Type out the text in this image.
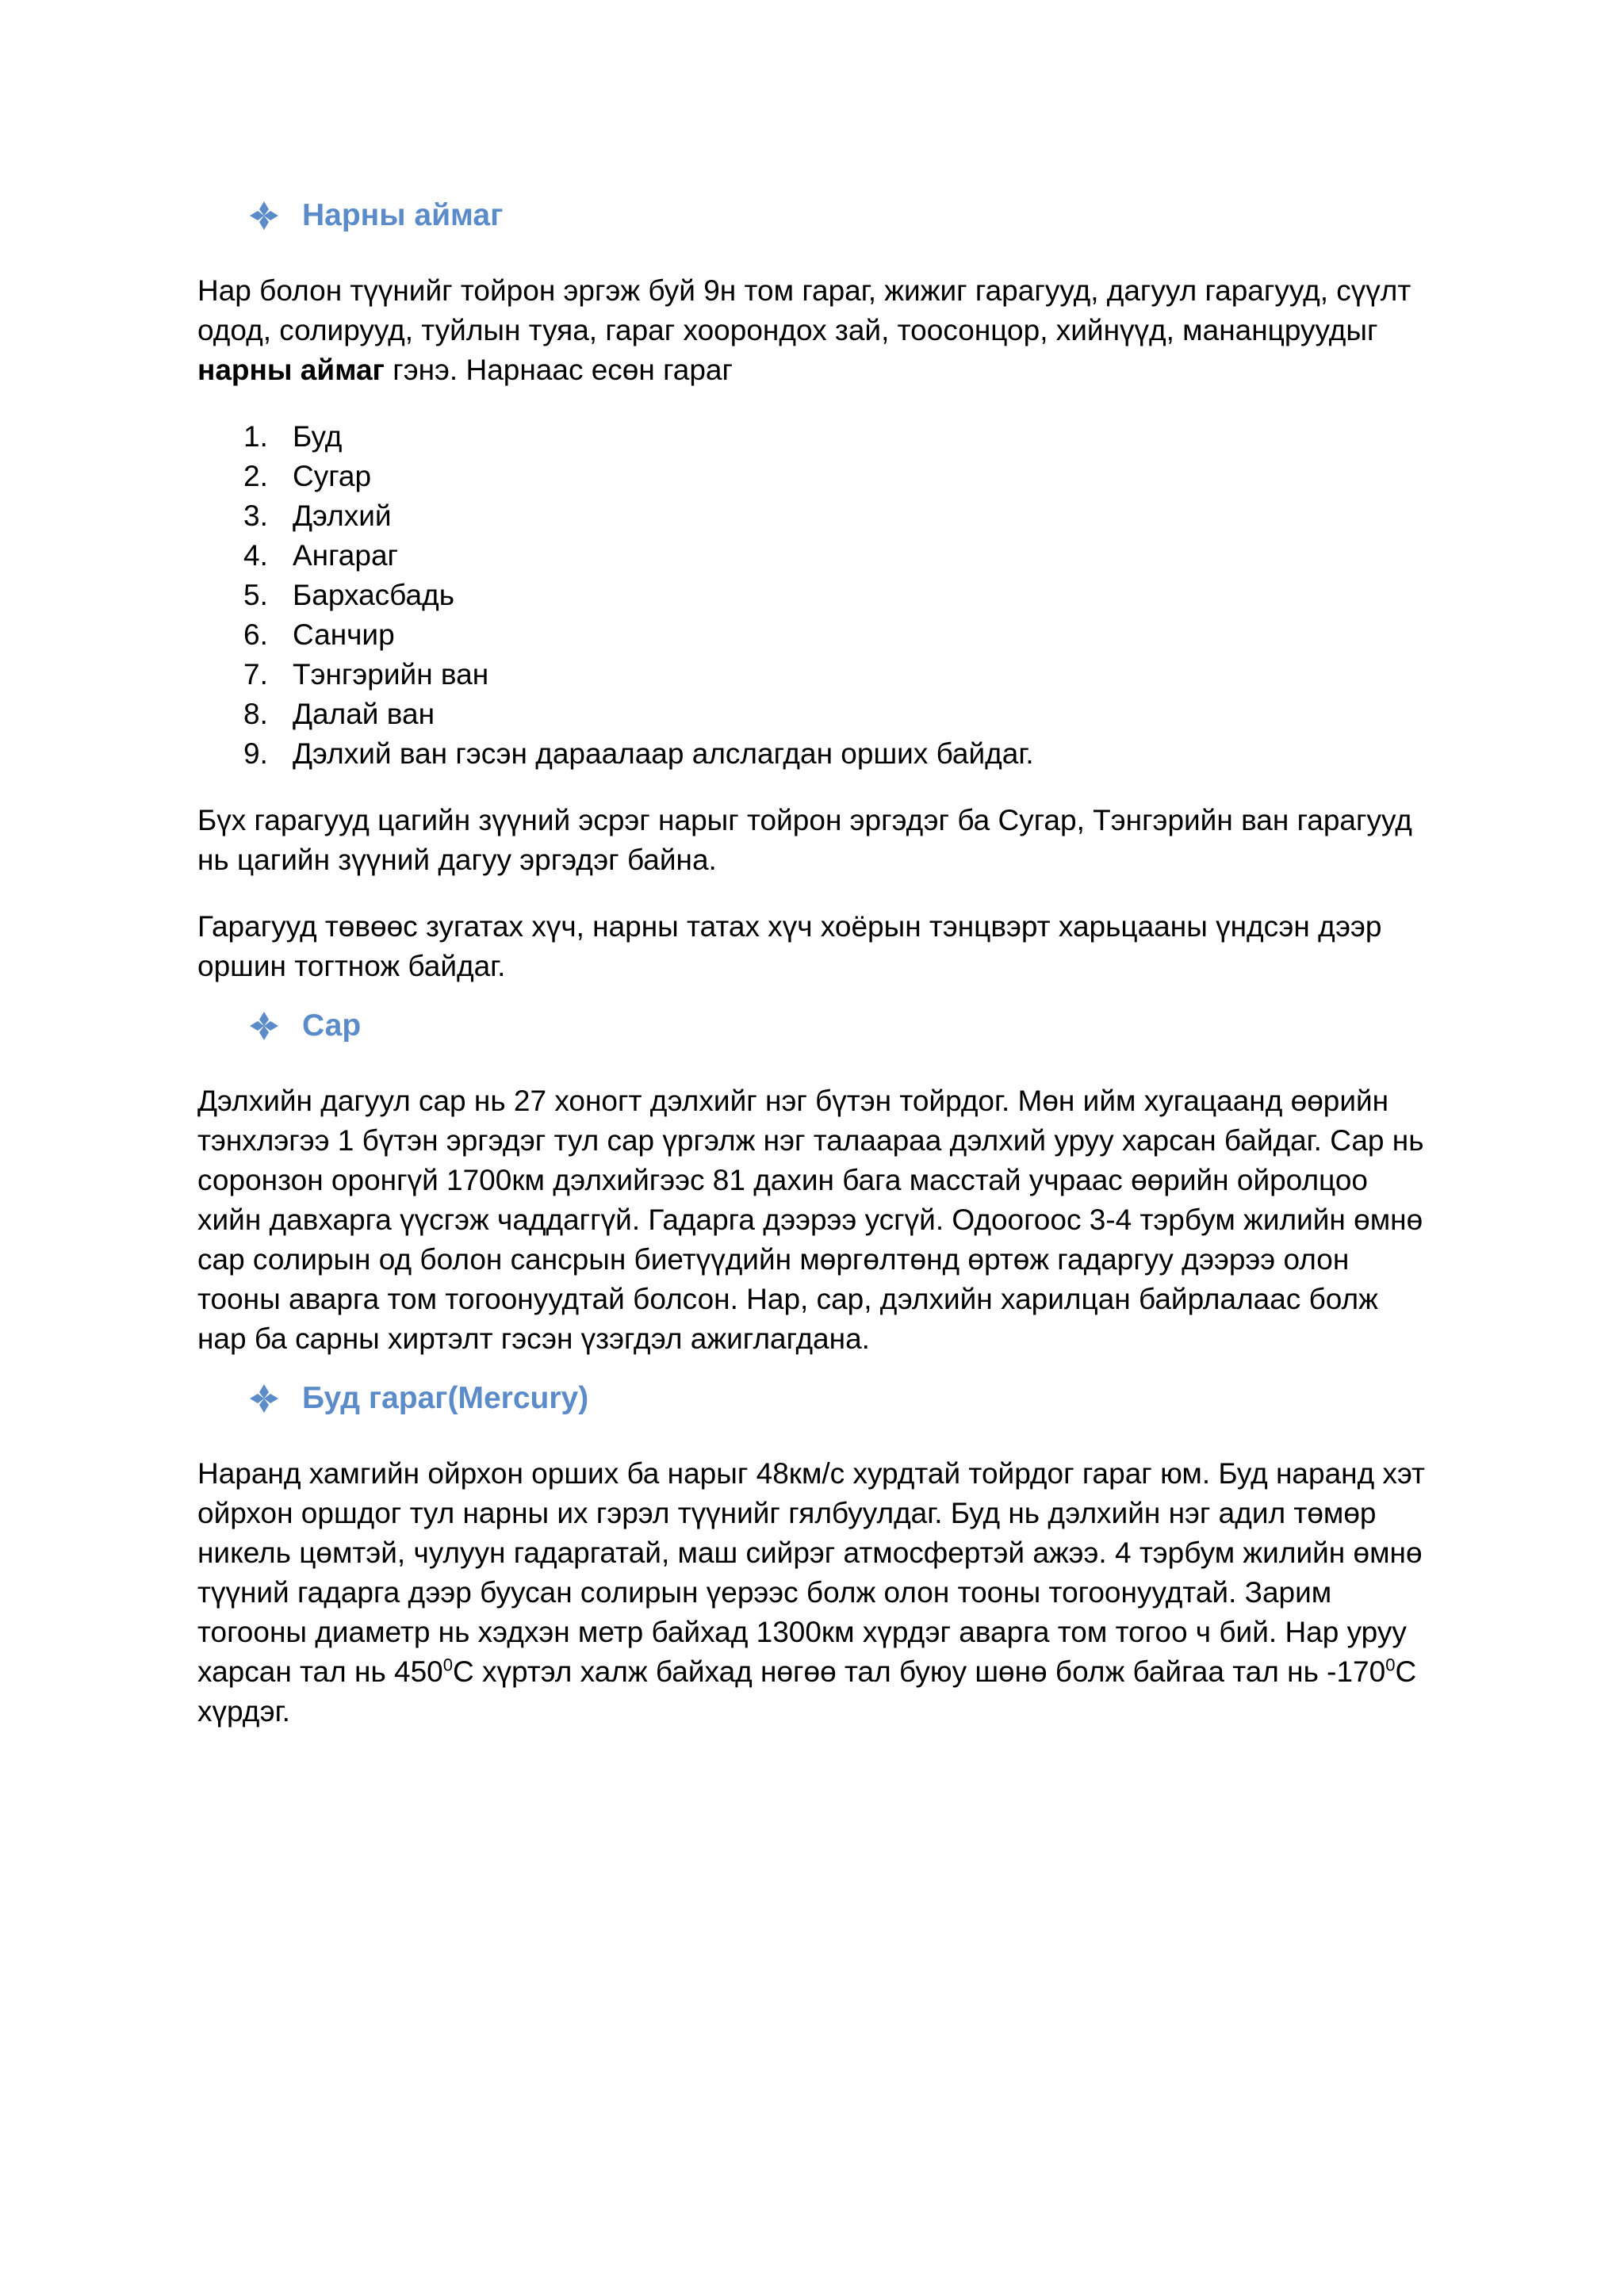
Нарны аймаг

Нар болон түүнийг тойрон эргэж буй 9н том гараг, жижиг гарагууд, дагуул гарагууд, сүүлт одод, солирууд, туйлын туяа, гараг хоорондох зай, тоосонцор, хийнүүд, мананцруудыг нарны аймаг гэнэ. Нарнаас есөн гараг

1. Буд
2. Сугар
3. Дэлхий
4. Ангараг
5. Бархасбадь
6. Санчир
7. Тэнгэрийн ван
8. Далай ван
9. Дэлхий ван гэсэн дараалаар алслагдан орших байдаг.

Бүх гарагууд цагийн зүүний эсрэг нарыг тойрон эргэдэг ба Сугар, Тэнгэрийн ван гарагууд нь цагийн зүүний дагуу эргэдэг байна.

Гарагууд төвөөс зугатах хүч, нарны татах хүч хоёрын тэнцвэрт харьцааны үндсэн дээр оршин тогтнож байдаг.

Сар

Дэлхийн дагуул сар нь 27 хоногт дэлхийг нэг бүтэн тойрдог. Мөн ийм хугацаанд өөрийн тэнхлэгээ 1 бүтэн эргэдэг тул сар үргэлж нэг талаараа дэлхий уруу харсан байдаг. Сар нь соронзон оронгүй 1700км дэлхийгээс 81 дахин бага масстай учраас өөрийн ойролцоо хийн давхарга үүсгэж чаддаггүй. Гадарга дээрээ усгүй. Одоогоос 3-4 тэрбум жилийн өмнө сар солирын од болон сансрын биетүүдийн мөргөлтөнд өртөж гадаргуу дээрээ олон тооны аварга том тогоонуудтай болсон. Нар, сар, дэлхийн харилцан байрлалаас болж нар ба сарны хиртэлт гэсэн үзэгдэл ажиглагдана.

Буд гараг(Mercury)

Наранд хамгийн ойрхон орших ба нарыг 48км/с хурдтай тойрдог гараг юм. Буд наранд хэт ойрхон оршдог тул нарны их гэрэл түүнийг гялбуулдаг. Буд нь дэлхийн нэг адил төмөр никель цөмтэй, чулуун гадаргатай, маш сийрэг атмосфертэй ажээ. 4 тэрбум жилийн өмнө түүний гадарга дээр буусан солирын үерээс болж олон тооны тогоонуудтай. Зарим тогооны диаметр нь хэдхэн метр байхад 1300км хүрдэг аварга том тогоо ч бий. Нар уруу харсан тал нь $450^0С$ хүртэл халж байхад нөгөө тал буюу шөнө болж байгаа тал нь $-170^0С$ хүрдэг.
